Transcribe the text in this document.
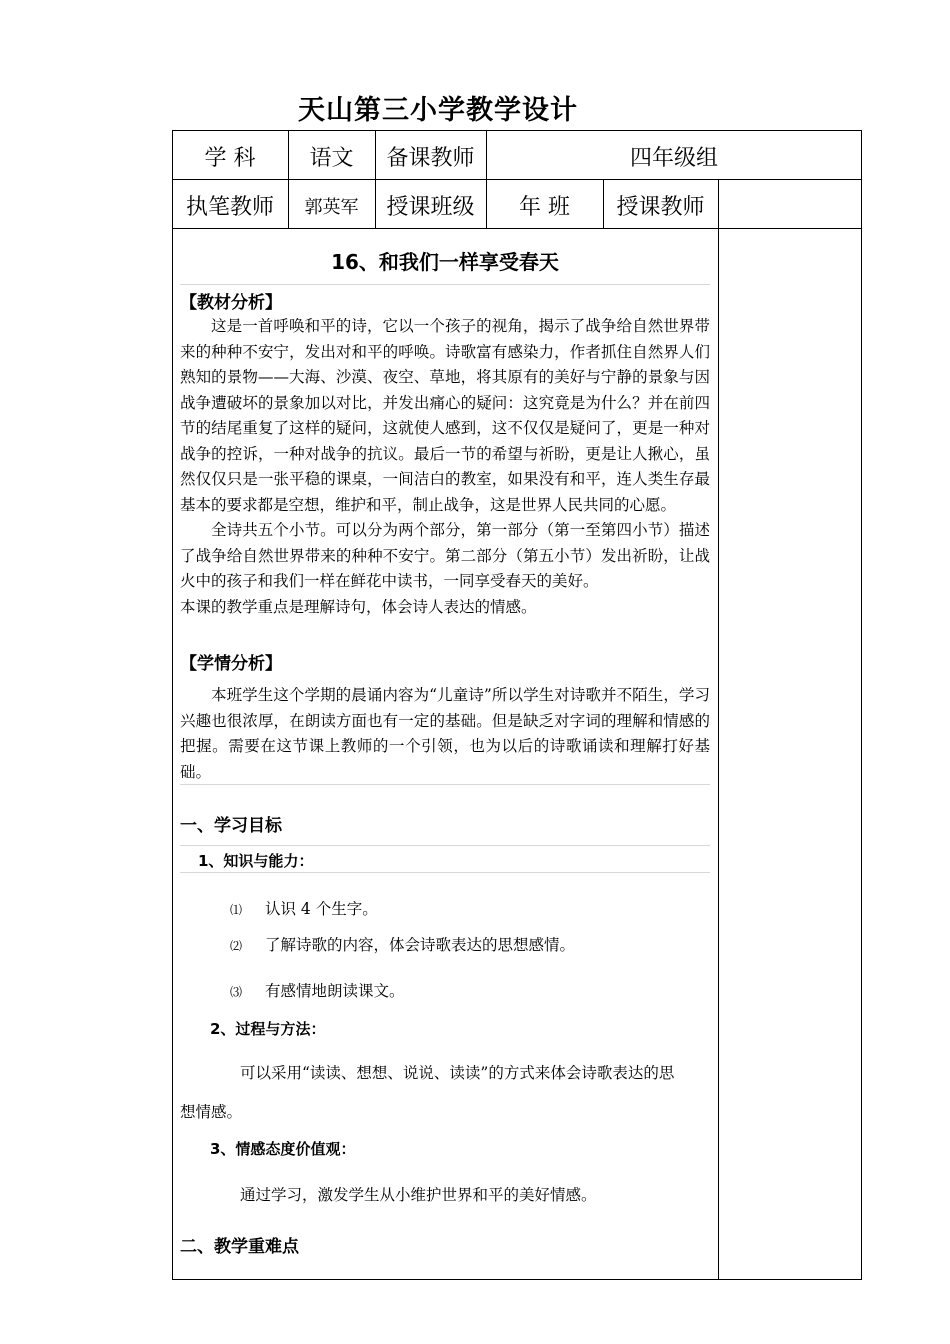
天山第三小学教学设计
学 科	语文	备课教师	四年级组
执笔教师	郭英军	授课班级	年 班	授课教师
16、和我们一样享受春天
【教材分析】

这是一首呼唤和平的诗，它以一个孩子的视角，揭示了战争给自然世界带来的种种不安宁，发出对和平的呼唤。诗歌富有感染力，作者抓住自然界人们熟知的景物——大海、沙漠、夜空、草地，将其原有的美好与宁静的景象与因战争遭破坏的景象加以对比，并发出痛心的疑问：这究竟是为什么？并在前四节的结尾重复了这样的疑问，这就使人感到，这不仅仅是疑问了，更是一种对战争的控诉，一种对战争的抗议。最后一节的希望与祈盼，更是让人揪心，虽然仅仅只是一张平稳的课桌，一间洁白的教室，如果没有和平，连人类生存最基本的要求都是空想，维护和平，制止战争，这是世界人民共同的心愿。

全诗共五个小节。可以分为两个部分，第一部分（第一至第四小节）描述了战争给自然世界带来的种种不安宁。第二部分（第五小节）发出祈盼，让战火中的孩子和我们一样在鲜花中读书，一同享受春天的美好。

本课的教学重点是理解诗句，体会诗人表达的情感。

【学情分析】

本班学生这个学期的晨诵内容为“儿童诗”所以学生对诗歌并不陌生，学习兴趣也很浓厚，在朗读方面也有一定的基础。但是缺乏对字词的理解和情感的把握。需要在这节课上教师的一个引领，也为以后的诗歌诵读和理解打好基础。

一、学习目标
1、知识与能力：
⑴ 认识 4 个生字。
⑵ 了解诗歌的内容，体会诗歌表达的思想感情。
⑶ 有感情地朗读课文。
2、过程与方法：
可以采用“读读、想想、说说、读读”的方式来体会诗歌表达的思
想情感。
3、情感态度价值观：
通过学习，激发学生从小维护世界和平的美好情感。
二、教学重难点
